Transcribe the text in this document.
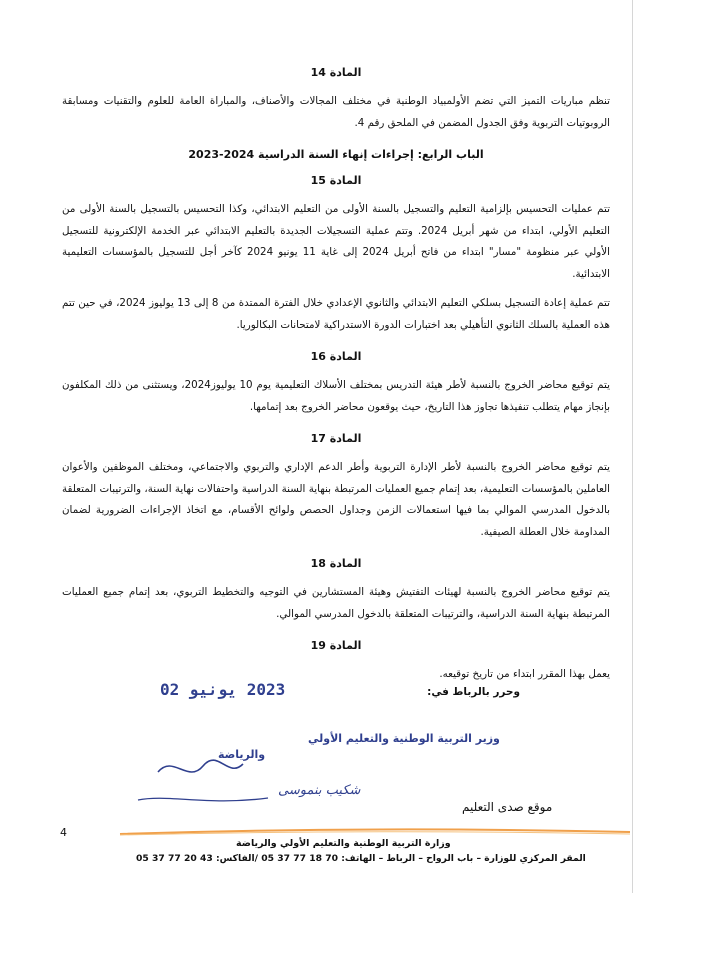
المادة 14

تنظم مباريات التميز التي تضم الأولمبياد الوطنية في مختلف المجالات والأصناف، والمباراة العامة للعلوم والتقنيات ومسابقة الروبوتيات التربوية وفق الجدول المضمن في الملحق رقم 4.

الباب الرابع: إجراءات إنهاء السنة الدراسية 2024-2023
المادة 15

تتم عمليات التحسيس بإلزامية التعليم والتسجيل بالسنة الأولى من التعليم الابتدائي، وكذا التحسيس بالتسجيل بالسنة الأولى من التعليم الأولي، ابتداء من شهر أبريل 2024. وتتم عملية التسجيلات الجديدة بالتعليم الابتدائي عبر الخدمة الإلكترونية للتسجيل الأولي عبر منظومة "مسار" ابتداء من فاتح أبريل 2024 إلى غاية 11 يونيو 2024 كآخر أجل للتسجيل بالمؤسسات التعليمية الابتدائية.

تتم عملية إعادة التسجيل بسلكي التعليم الابتدائي والثانوي الإعدادي خلال الفترة الممتدة من 8 إلى 13 يوليوز 2024، في حين تتم هذه العملية بالسلك الثانوي التأهيلي بعد اختبارات الدورة الاستدراكية لامتحانات البكالوريا.

المادة 16

يتم توقيع محاضر الخروج بالنسبة لأطر هيئة التدريس بمختلف الأسلاك التعليمية يوم 10 يوليوز2024، ويستثنى من ذلك المكلفون بإنجاز مهام يتطلب تنفيذها تجاوز هذا التاريخ، حيث يوقعون محاضر الخروج بعد إتمامها.

المادة 17

يتم توقيع محاضر الخروج بالنسبة لأطر الإدارة التربوية وأطر الدعم الإداري والتربوي والاجتماعي، ومختلف الموظفين والأعوان العاملين بالمؤسسات التعليمية، بعد إتمام جميع العمليات المرتبطة بنهاية السنة الدراسية واحتفالات نهاية السنة، والترتيبات المتعلقة بالدخول المدرسي الموالي بما فيها استعمالات الزمن وجداول الحصص ولوائح الأقسام، مع اتخاذ الإجراءات الضرورية لضمان المداومة خلال العطلة الصيفية.

المادة 18

يتم توقيع محاضر الخروج بالنسبة لهيئات التفتيش وهيئة المستشارين في التوجيه والتخطيط التربوي، بعد إتمام جميع العمليات المرتبطة بنهاية السنة الدراسية، والترتيبات المتعلقة بالدخول المدرسي الموالي.

المادة 19

يعمل بهذا المقرر ابتداء من تاريخ توقيعه.

وحرر بالرباط في:
2023 يونيو 02
وزير التربية الوطنية والتعليم الأولي
والرياضة
شكيب بنموسى
موقع صدى التعليم
4
وزارة التربية الوطنية والتعليم الأولي والرياضة
المقر المركزي للوزارة – باب الرواح – الرباط – الهاتف: 70 18 77 37 05 /الفاكس: 43 20 77 37 05
